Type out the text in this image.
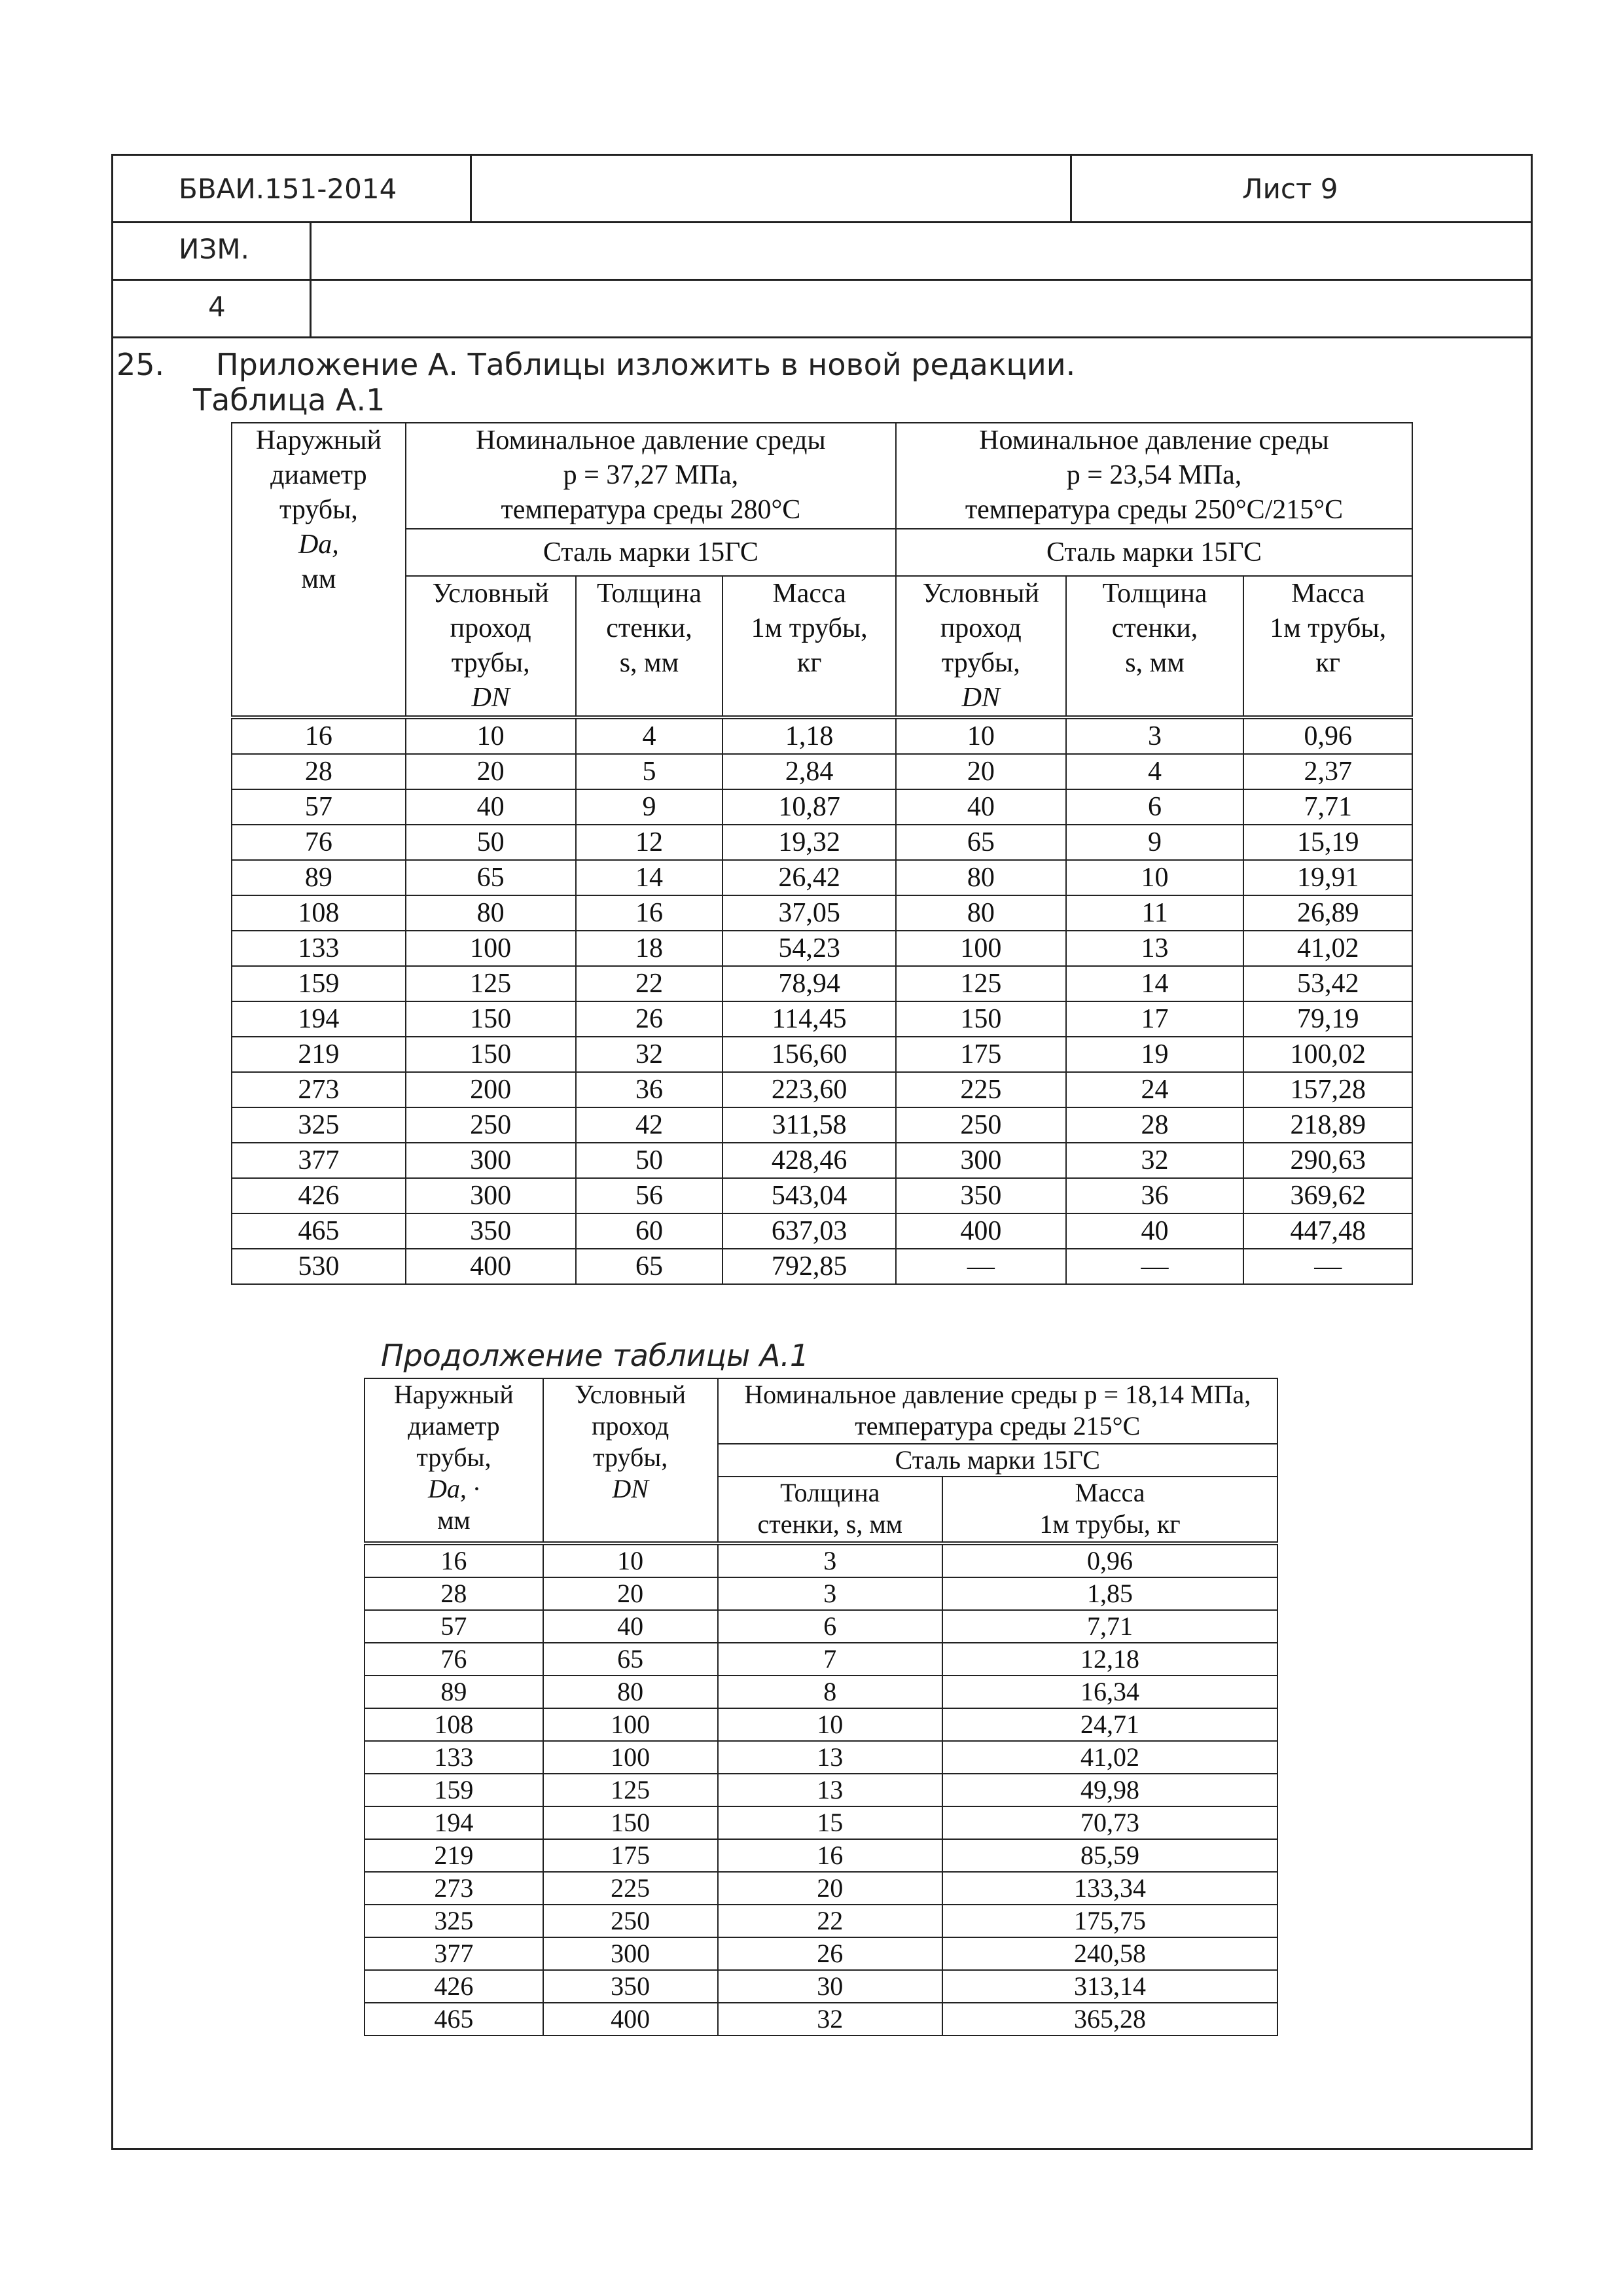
БВАИ.151-2014	Лист 9
ИЗМ.
4
25. Приложение А. Таблицы изложить в новой редакции.
Таблица А.1
Наружный
диаметр
трубы,
Da,
мм	Номинальное давление среды
p = 37,27 МПа,
температура среды 280°C			Номинальное давление среды
p = 23,54 МПа,
температура среды 250°C/215°C		
	Сталь марки 15ГС			Сталь марки 15ГС		
	Условный
проход
трубы,
DN	Толщина
стенки,
s, мм	Масса
1м трубы,
кг	Условный
проход
трубы,
DN	Толщина
стенки,
s, мм	Масса
1м трубы,
кг
16	10	4	1,18	10	3	0,96
28	20	5	2,84	20	4	2,37
57	40	9	10,87	40	6	7,71
76	50	12	19,32	65	9	15,19
89	65	14	26,42	80	10	19,91
108	80	16	37,05	80	11	26,89
133	100	18	54,23	100	13	41,02
159	125	22	78,94	125	14	53,42
194	150	26	114,45	150	17	79,19
219	150	32	156,60	175	19	100,02
273	200	36	223,60	225	24	157,28
325	250	42	311,58	250	28	218,89
377	300	50	428,46	300	32	290,63
426	300	56	543,04	350	36	369,62
465	350	60	637,03	400	40	447,48
530	400	65	792,85	—	—	—
Продолжение таблицы А.1
Наружный
диаметр
трубы,
Da, ·
мм	Условный
проход
трубы,
DN	Номинальное давление среды p = 18,14 МПа,
температура среды 215°C	
		Сталь марки 15ГС	
		Толщина
стенки, s, мм	Масса
1м трубы, кг
16	10	3	0,96
28	20	3	1,85
57	40	6	7,71
76	65	7	12,18
89	80	8	16,34
108	100	10	24,71
133	100	13	41,02
159	125	13	49,98
194	150	15	70,73
219	175	16	85,59
273	225	20	133,34
325	250	22	175,75
377	300	26	240,58
426	350	30	313,14
465	400	32	365,28
